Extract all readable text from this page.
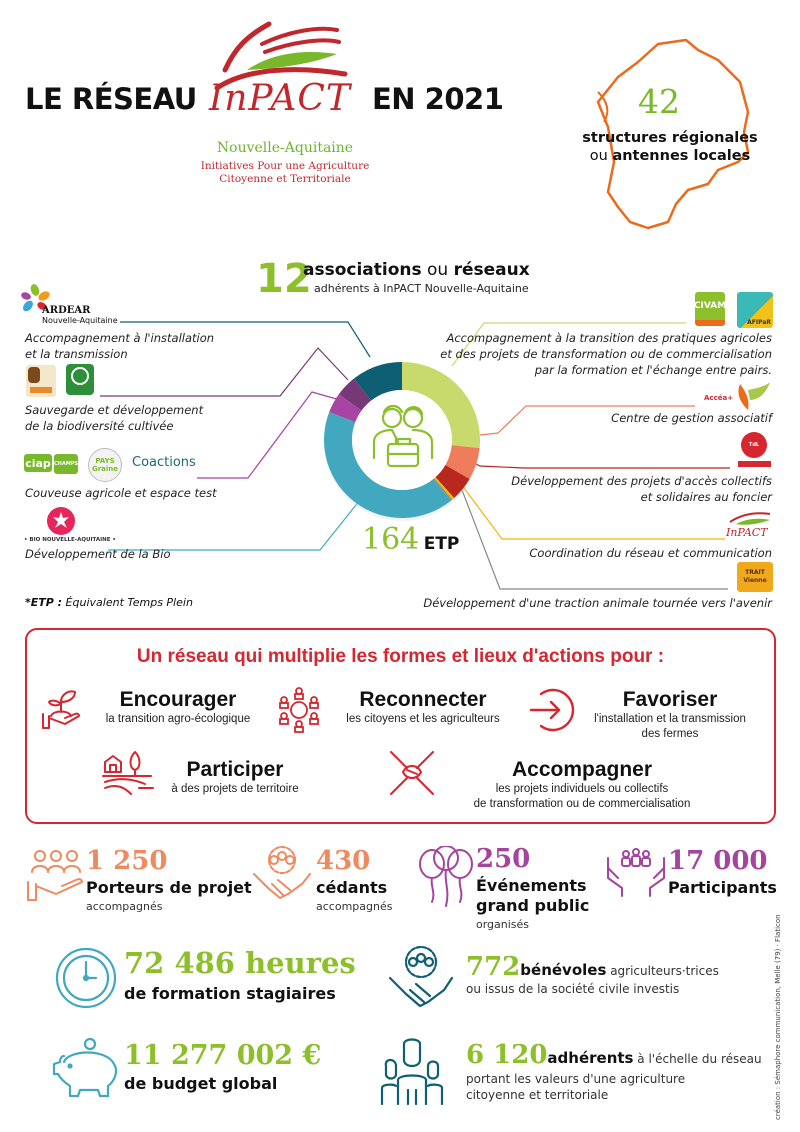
LE RÉSEAU InPACT
Nouvelle-Aquitaine
Initiatives Pour une Agriculture
Citoyenne et Territoriale
EN 2021	42
structures régionales
ou antennes locales
12
associations ou réseaux
adhérents à InPACT Nouvelle-Aquitaine
164 ETP
ARDEAR
Nouvelle-Aquitaine
Accompagnement à l'installation
et la transmission
Sauvegarde et développement
de la biodiversité cultivée
ciap CHAMPS	PAYS Graine	Coactions
Couveuse agricole et espace test
• BIO NOUVELLE-AQUITAINE •
Développement de la Bio
*ETP : Équivalent Temps Plein
CIVAM
AFIPaR
Accompagnement à la transition des pratiques agricoles
et des projets de transformation ou de commercialisation
par la formation et l'échange entre pairs.
Accéa+
Centre de gestion associatif
TdL
Développement des projets d'accès collectifs
et solidaires au foncier
InPACT
Coordination du réseau et communication
TRAIT Vienne
Développement d'une traction animale tournée vers l'avenir
Un réseau qui multiplie les formes et lieux d'actions pour :
Encourager
la transition agro-écologique
Reconnecter
les citoyens et les agriculteurs
Favoriser
l'installation et la transmission
des fermes
Participer
à des projets de territoire
Accompagner
les projets individuels ou collectifs
de transformation ou de commercialisation
1 250
Porteurs de projet
accompagnés
430
cédants
accompagnés
250
Événements
grand public
organisés
17 000
Participants
72 486 heures
de formation stagiaires
772bénévoles agriculteurs·trices
ou issus de la société civile investis
11 277 002 €
de budget global
6 120adhérents à l'échelle du réseau
portant les valeurs d'une agriculture
citoyenne et territoriale	création : Sémaphore communication, Melle (79) · Flaticon
